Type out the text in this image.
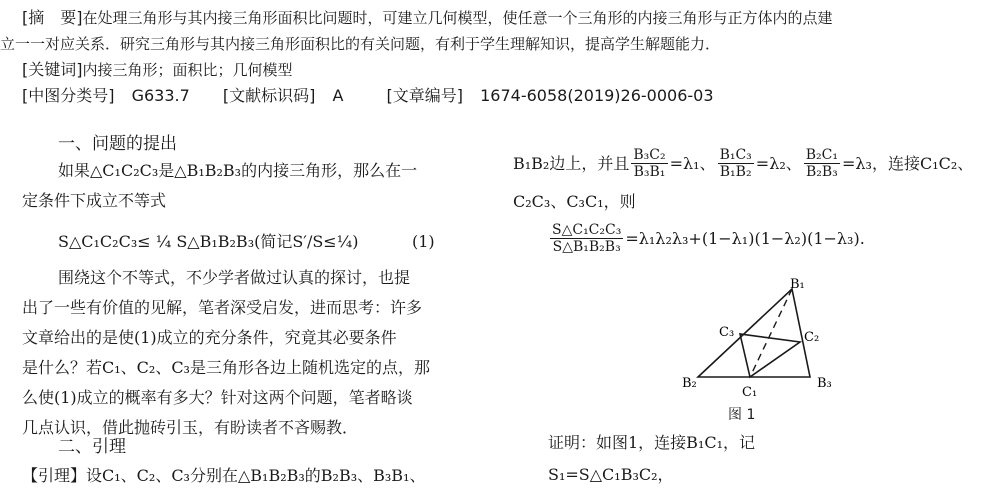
[摘　要]在处理三角形与其内接三角形面积比问题时，可建立几何模型，使任意一个三角形的内接三角形与正方体内的点建
立一一对应关系．研究三角形与其内接三角形面积比的有关问题，有利于学生理解知识，提高学生解题能力．
[关键词]内接三角形；面积比；几何模型
[中图分类号] G633.7 [文献标识码] A	[文章编号] 1674-6058(2019)26-0006-03
一、问题的提出
如果△C₁C₂C₃是△B₁B₂B₃的内接三角形，那么在一
定条件下成立不等式
S△C₁C₂C₃≤ ¼ S△B₁B₂B₃(简记S′/S≤¼)	(1)
围绕这个不等式，不少学者做过认真的探讨，也提
出了一些有价值的见解，笔者深受启发，进而思考：许多
文章给出的是使(1)成立的充分条件，究竟其必要条件
是什么？若C₁、C₂、C₃是三角形各边上随机选定的点，那
么使(1)成立的概率有多大？针对这两个问题，笔者略谈
几点认识，借此抛砖引玉，有盼读者不吝赐教．
二、引理
【引理】设C₁、C₂、C₃分别在△B₁B₂B₃的B₂B₃、B₃B₁、
B₁B₂边上，并且 $\frac{\text{B₃C₂}}{\text{B₃B₁}} =\lambda_1$、 $\frac{\text{B₁C₃}}{\text{B₁B₂}} =\lambda_2$、 $\frac{\text{B₂C₁}}{\text{B₂B₃}} =\lambda_3$，连接C₁C₂、
C₂C₃、C₃C₁，则
$\frac{\text{S△C₁C₂C₃}}{\text{S△B₁B₂B₃}} =\lambda_1\lambda_2\lambda_3+(1-\lambda_1)(1-\lambda_2)(1-\lambda_3)$.
B₁
B₂	B₃
C₁
C₂
C₃
图 1
证明：如图1，连接B₁C₁，记
S₁=S△C₁B₃C₂，
